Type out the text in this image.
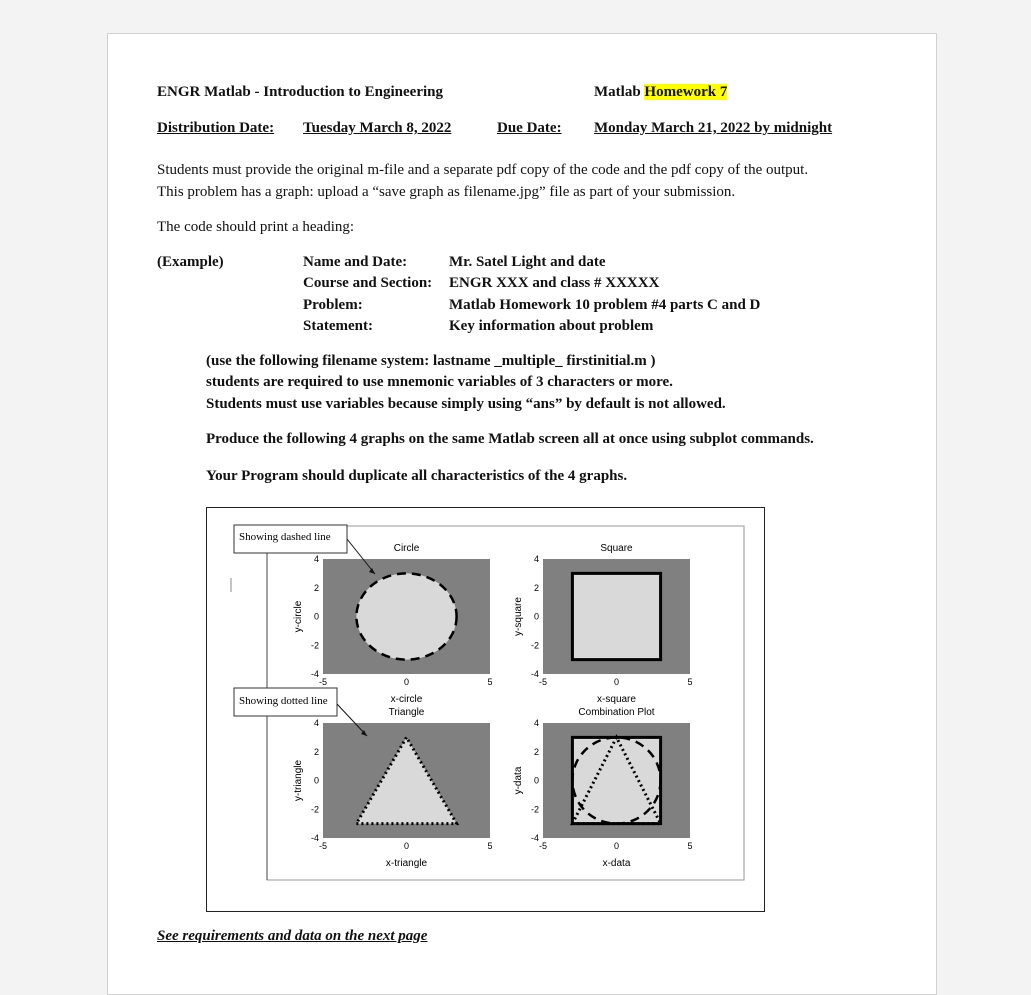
ENGR Matlab - Introduction to Engineering	Matlab Homework 7
Distribution Date: Tuesday March 8, 2022	Due Date: Monday March 21, 2022 by midnight
Students must provide the original m-file and a separate pdf copy of the code and the pdf copy of the output.
This problem has a graph: upload a “save graph as filename.jpg” file as part of your submission.
The code should print a heading:
(Example)	Name and Date:	Mr. Satel Light and date
Course and Section: ENGR XXX and class # XXXXX
Problem:	Matlab Homework 10 problem #4 parts C and D
Statement:	Key information about problem
(use the following filename system: lastname _multiple_ firstinitial.m )
students are required to use mnemonic variables of 3 characters or more.
Students must use variables because simply using “ans” by default is not allowed.
Produce the following 4 graphs on the same Matlab screen all at once using subplot commands.
Your Program should duplicate all characteristics of the 4 graphs.
Circle
x-circle
y-circle
-5	0	5
4
2
0
-2
-4
Square
x-square
y-square
-5	0	5
4
2
0
-2
-4
Triangle
x-triangle
y-triangle
-5	0	5
4
2
0
-2
-4
Combination Plot
x-data
y-data
-5	0	5
4
2
0
-2
-4
Showing dashed line
Showing dotted line
See requirements and data on the next page
